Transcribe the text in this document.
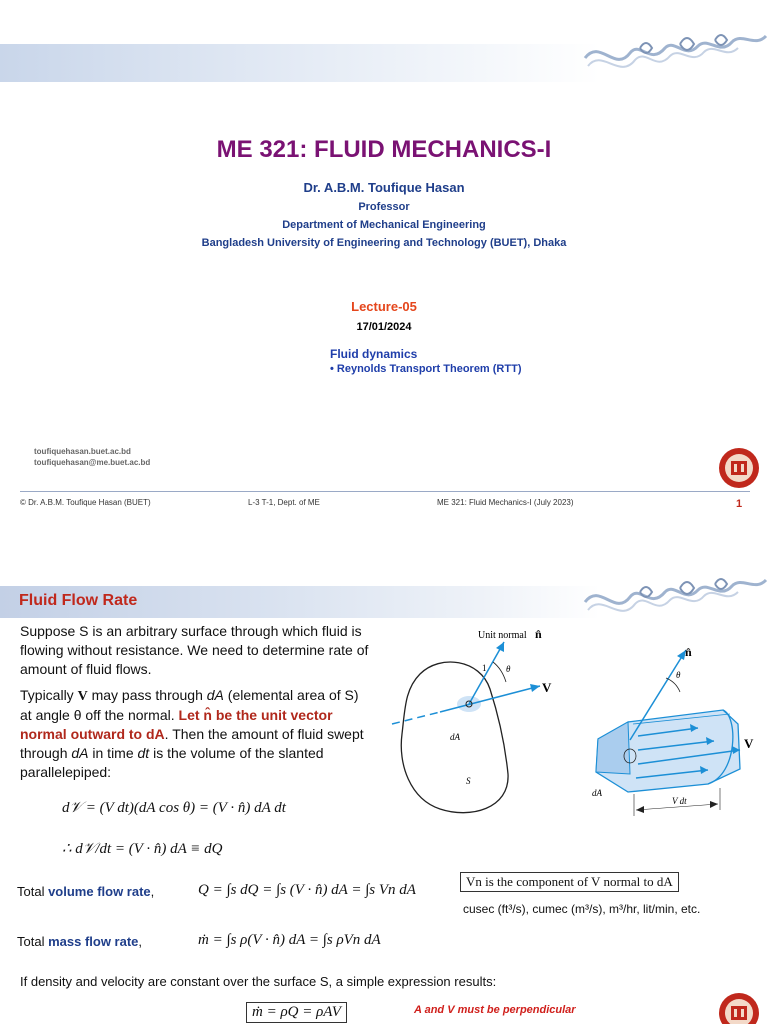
ME 321: FLUID MECHANICS-I
Dr. A.B.M. Toufique Hasan
Professor
Department of Mechanical Engineering
Bangladesh University of Engineering and Technology (BUET), Dhaka
Lecture-05
17/01/2024
Fluid dynamics
• Reynolds Transport Theorem (RTT)
toufiquehasan.buet.ac.bd
toufiquehasan@me.buet.ac.bd
© Dr. A.B.M. Toufique Hasan (BUET)	L-3 T-1, Dept. of ME	ME 321: Fluid Mechanics-I (July 2023)	1
Fluid Flow Rate
Suppose S is an arbitrary surface through which fluid is flowing without resistance. We need to determine rate of amount of fluid flows.
Typically V may pass through dA (elemental area of S) at angle θ off the normal. Let n̂ be the unit vector normal outward to dA. Then the amount of fluid swept through dA in time dt is the volume of the slanted parallelepiped:
d𝒱 = (V dt)(dA cos θ) = (V · n̂) dA dt
∴ d𝒱/dt = (V · n̂) dA ≡ dQ
Total volume flow rate,	Q = ∫s dQ = ∫s (V · n̂) dA = ∫s Vn dA
Vn is the component of V normal to dA
cusec (ft³/s), cumec (m³/s), m³/hr, lit/min, etc.
Total mass flow rate,	ṁ = ∫s ρ(V · n̂) dA = ∫s ρVn dA
If density and velocity are constant over the surface S, a simple expression results:
ṁ = ρQ = ρAV	A and V must be perpendicular
Unit normal n̂
1 θ
V
dA
S
n̂
θ
V
dA
V dt
